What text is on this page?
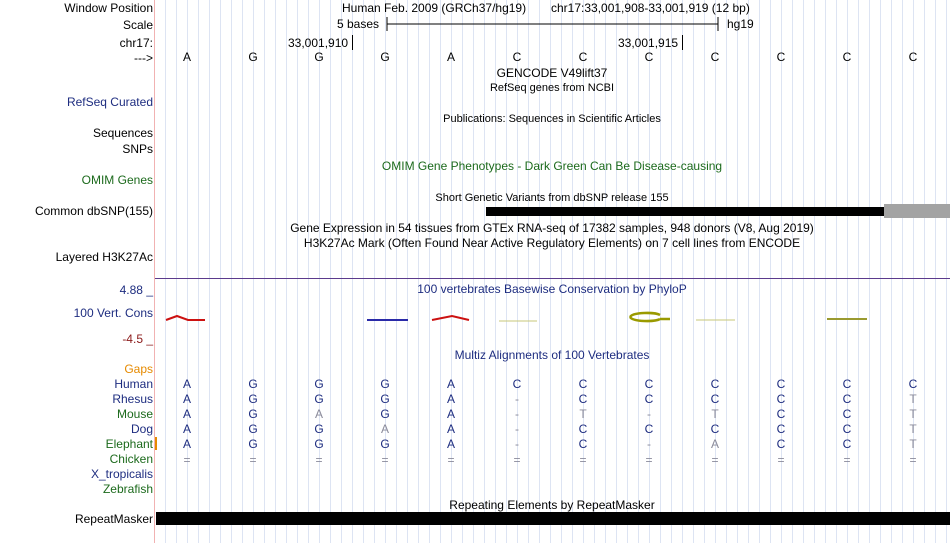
Window Position	Human Feb. 2009 (GRCh37/hg19) chr17:33,001,908-33,001,919 (12 bp)
Scale	5 bases	hg19
chr17:	33,001,910	33,001,915
--->	A	G	G	G	A	C	C	C	C	C	C	C
GENCODE V49lift37
RefSeq genes from NCBI
RefSeq Curated
Publications: Sequences in Scientific Articles
Sequences
SNPs
OMIM Gene Phenotypes - Dark Green Can Be Disease-causing
OMIM Genes
Short Genetic Variants from dbSNP release 155
Common dbSNP(155)
Gene Expression in 54 tissues from GTEx RNA-seq of 17382 samples, 948 donors (V8, Aug 2019)
H3K27Ac Mark (Often Found Near Active Regulatory Elements) on 7 cell lines from ENCODE
Layered H3K27Ac
4.88 _	100 vertebrates Basewise Conservation by PhyloP
100 Vert. Cons
-4.5 _
Gaps
Multiz Alignments of 100 Vertebrates
Human	A	G	G	G	A	C	C	C	C	C	C	C
Rhesus	A	G	G	G	A	-	C	C	C	C	C	T
Mouse	A	G	A	G	A	-	T	-	T	C	C	T
Dog	A	G	G	A	A	-	C	C	C	C	C	T
Elephant	A	G	G	G	A	-	C	-	A	C	C	T
Chicken	=	=	=	=	=	=	=	=	=	=	=	=
X_tropicalis
Zebrafish
Repeating Elements by RepeatMasker
RepeatMasker
